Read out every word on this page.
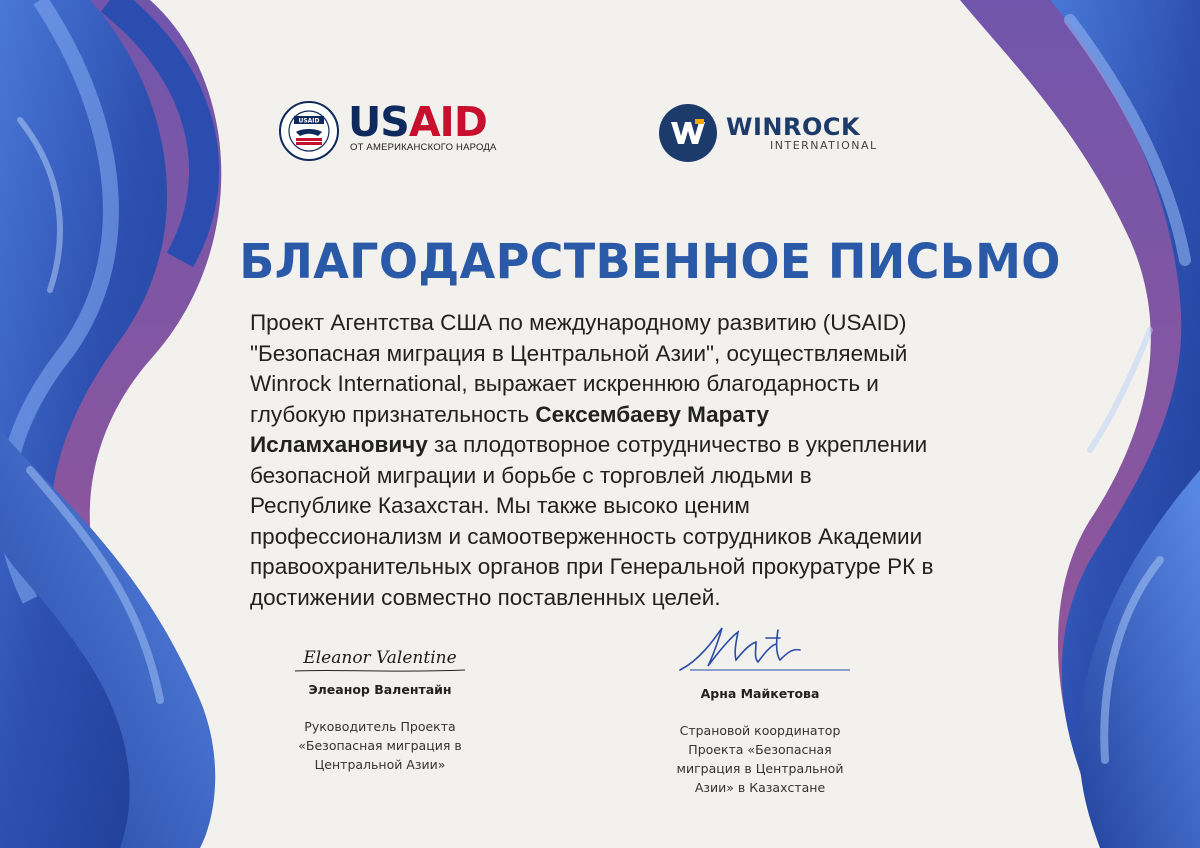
USAID USAID
ОТ АМЕРИКАНСКОГО НАРОДА
WINROCK
INTERNATIONAL
БЛАГОДАРСТВЕННОЕ ПИСЬМО
Проект Агентства США по международному развитию (USAID)
"Безопасная миграция в Центральной Азии", осуществляемый
Winrock International, выражает искреннюю благодарность и
глубокую признательность Сексембаеву Марату
Исламхановичу за плодотворное сотрудничество в укреплении
безопасной миграции и борьбе с торговлей людьми в
Республике Казахстан. Мы также высоко ценим
профессионализм и самоотверженность сотрудников Академии
правоохранительных органов при Генеральной прокуратуре РК в
достижении совместно поставленных целей.
Eleanor Valentine
Элеанор Валентайн
Руководитель Проекта
«Безопасная миграция в
Центральной Азии»
Арна Майкетова
Страновой координатор
Проекта «Безопасная
миграция в Центральной
Азии» в Казахстане
